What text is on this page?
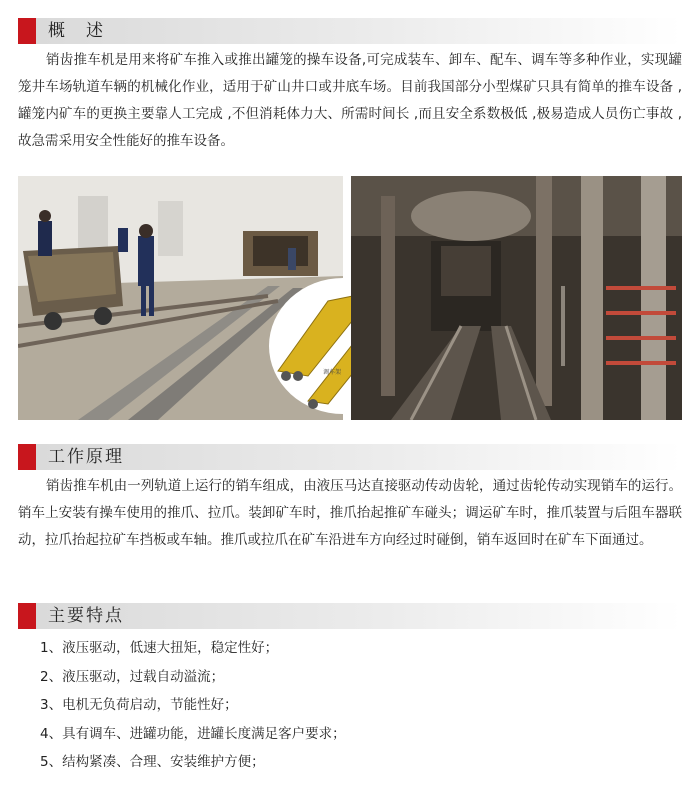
概　述

销齿推车机是用来将矿车推入或推出罐笼的操车设备,可完成装车、卸车、配车、调车等多种作业，实现罐笼井车场轨道车辆的机械化作业，适用于矿山井口或井底车场。目前我国部分小型煤矿只具有简单的推车设备 ,罐笼内矿车的更换主要靠人工完成 ,不但消耗体力大、所需时间长 ,而且安全系数极低 ,极易造成人员伤亡事故 ,故急需采用安全性能好的推车设备。

调车架
工作原理

销齿推车机由一列轨道上运行的销车组成，由液压马达直接驱动传动齿轮，通过齿轮传动实现销车的运行。销车上安装有操车使用的推爪、拉爪。装卸矿车时，推爪抬起推矿车碰头；调运矿车时，推爪装置与后阻车器联动，拉爪抬起拉矿车挡板或车轴。推爪或拉爪在矿车沿进车方向经过时碰倒，销车返回时在矿车下面通过。

主要特点
1、液压驱动，低速大扭矩，稳定性好；
2、液压驱动，过载自动溢流；
3、电机无负荷启动，节能性好；
4、具有调车、进罐功能，进罐长度满足客户要求；
5、结构紧凑、合理、安装维护方便；
